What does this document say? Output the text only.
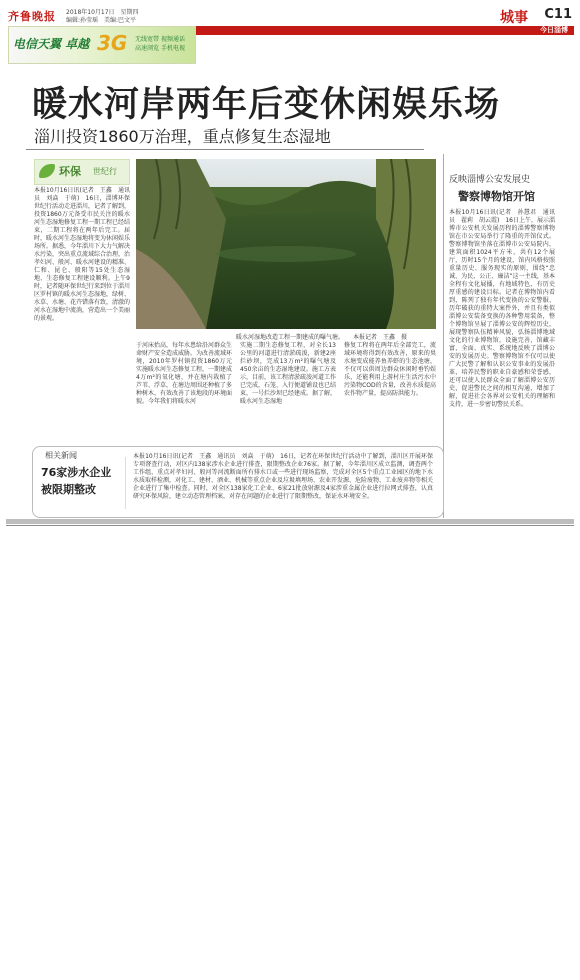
齐鲁晚报 2018年10月17日　星期四
编辑:孙莹瑶　美编:巴文平	城事 C11
今日淄博
电信天翼 卓越 3G 无线宽带 视频通话
高速浏览 手机电视
暖水河岸两年后变休闲娱乐场
淄川投资1860万治理，重点修复生态湿地
环保 世纪行
暖水河湿地改造工程一期建成的曝气塘。　　本报记者　王鑫　摄
本报10月16日讯(记者　王鑫　通讯员　刘焱　于萌)　16日，淄博环保世纪行活动走进淄川，记者了解到，投资1860万元备受市民关注的暖水河生态湿地修复工程一期工程已经结束，二期工程将在两年后完工。届时，暖水河生态湿地将变为休闲娱乐场所。据悉，今年淄川下大力气解决水污染，突出重点流域综合治理，治孝妇河、般河、暖水河建设的精准、仁和、昆仑、般阳等15处生态湿地、生态修复工程建设顺利。上午9时，记者随环保世纪行来到位于淄川区罗村镇的暖水河生态湿地，绿树、水草、水塘、花卉错落有致，清澈的河水在湿地中流淌，营造出一个美丽的景观。
于河床抬高，每年水患给沿河群众生命财产安全造成威胁。为改善流域环境，2010年罗村镇投资1860万元实施暖水河生态修复工程，一期建成4万m²的氧化塘，并在塘内栽植了芦苇、浮草，在塘边周围还种植了多种树木，有效改善了该地段的环境面貌。今年我们将暖水河
实施二期生态修复工程，对全长13公里的河道进行清淤疏浚，新建2座拦砂坝，完成13万m²的曝气塘及450余亩的生态湿地建设。施工方表示，目前，该工程清淤疏浚河道工作已完成，石笼、入行便道铺设也已结束，一号拦沙坝已经建成。据了解，暖水河生态湿地
修复工程将在两年后全部完工，流域环境将得到有效改善，原来的臭水塘变成能养鱼养虾的生态池塘，不仅可以供周边群众休闲时垂钓娱乐，还能利用上游村庄生活污水中污染物COD的含量，改善水质提高农作物产量，提高防洪能力。
反映淄博公安发展史
警察博物馆开馆
本报10月16日讯(记者　孙慧君　通讯员　翟莉　胡云霞)　16日上午，展示淄博市公安机关发展历程的淄博警察博物馆在市公安局举行了隆重的开馆仪式。警察博物馆坐落在淄博市公安局院内，建筑面积1024平方米，共有12个展厅，历时15个月的建设，馆内风格按照重量历史、服务现实的原则，围绕“忠诚、为民、公正、廉洁”这一主线，基本全程有文化展播，有地域特色，有历史厚重感的建设目标。记者在博物馆内看到，陈列了独有年代变换的公安警服、历年破获的重特大案件外，并且有类似淄博公安装备变换的各种警用装备，整个博物馆呈展了淄博公安的辉煌历史，展现警察队伍精神风貌，弘扬淄博地域文化的行业博物馆，设施完善，馆藏丰富，全面、真实、系统地反映了淄博公安的发展历史。警察博物馆不仅可以使广大民警了解和认识公安事业的发展沿革，培养民警的职业自豪感和荣誉感，还可以使人民群众全面了解淄博公安历史，促进警民之间的相互沟通，增加了解，促进社会各界对公安机关的理解和支持，进一步密切警民关系。
相关新闻
76家涉水企业被限期整改
本报10月16日讯(记者　王鑫　通讯员　刘焱　于萌)　16日，记者在环保世纪行活动中了解到，淄川区开展环保专项督查行动，对区内138家涉水企业进行排查，限期整改企业76家。据了解，今年淄川区成立监测，调查两个工作组，重点对孝妇河、般河等河流断面所有排水口或一些进行现场监察，完成对全区5个重点工业园区的地下水水质取样检测，对化工、建材、酒业、机械等重点企业及垃圾填埋场、农业开发源、危险废物、工业废弃物等相关企业进行了集中检查。同时，对全区138家化工企业、6家21批放射源及4家涉重金属企业进行拉网式排查，认真研究环保风险，建立动态管理档案，对存在问题的企业进行了限期整改，保证水环境安全。
